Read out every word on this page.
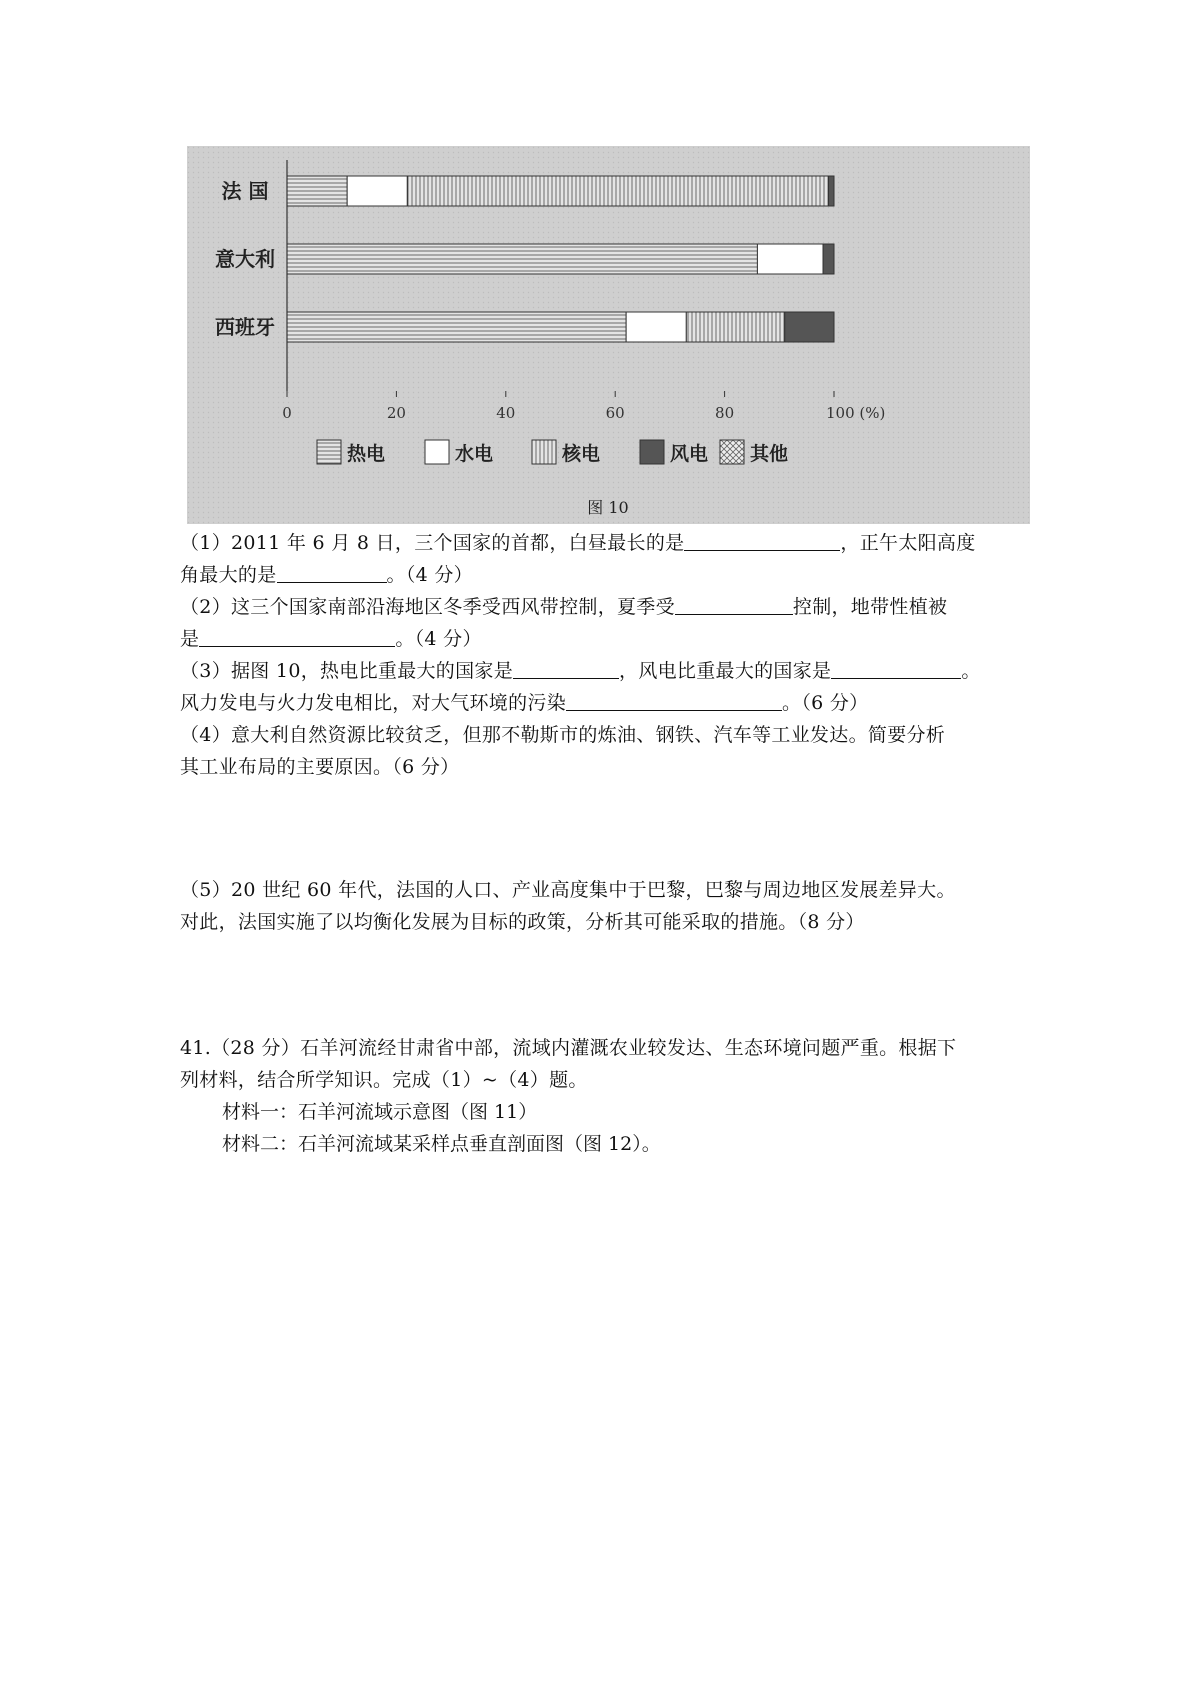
法 国
意大利
西班牙
0	20	40	60	80	100 (%)
热电	水电	核电	风电 其他
图 10
（1）2011 年 6 月 8 日，三个国家的首都，白昼最长的是	，正午太阳高度
角最大的是	。（4 分）
（2）这三个国家南部沿海地区冬季受西风带控制，夏季受	控制，地带性植被
是	。（4 分）
（3）据图 10，热电比重最大的国家是	，风电比重最大的国家是	。
风力发电与火力发电相比，对大气环境的污染	。（6 分）
（4）意大利自然资源比较贫乏，但那不勒斯市的炼油、钢铁、汽车等工业发达。简要分析
其工业布局的主要原因。（6 分）
（5）20 世纪 60 年代，法国的人口、产业高度集中于巴黎，巴黎与周边地区发展差异大。
对此，法国实施了以均衡化发展为目标的政策，分析其可能采取的措施。（8 分）
41.（28 分）石羊河流经甘肃省中部，流域内灌溉农业较发达、生态环境问题严重。根据下
列材料，结合所学知识。完成（1）~（4）题。
材料一：石羊河流域示意图（图 11）
材料二：石羊河流域某采样点垂直剖面图（图 12）。
